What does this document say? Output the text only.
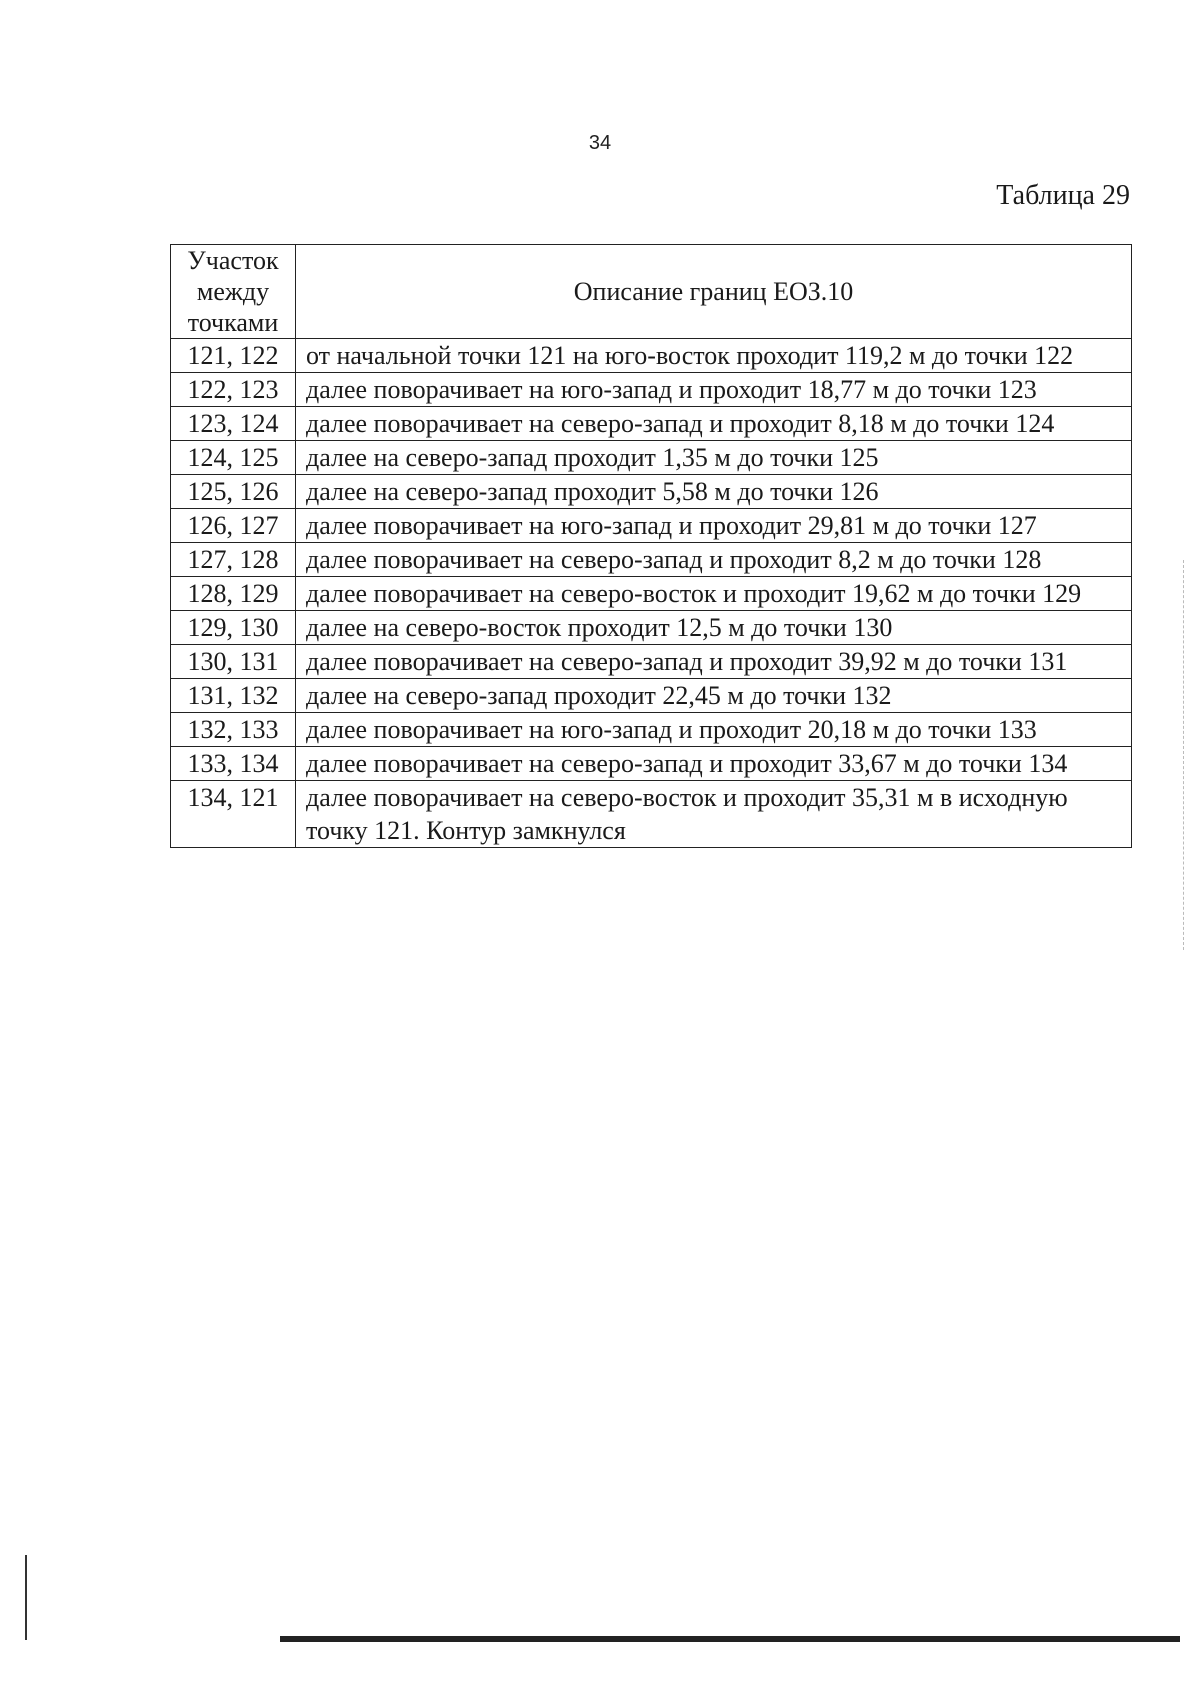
34
Таблица 29
Участок между точками	Описание границ ЕОЗ.10
121, 122	от начальной точки 121 на юго-восток проходит 119,2 м до точки 122
122, 123	далее поворачивает на юго-запад и проходит 18,77 м до точки 123
123, 124	далее поворачивает на северо-запад и проходит 8,18 м до точки 124
124, 125	далее на северо-запад проходит 1,35 м до точки 125
125, 126	далее на северо-запад проходит 5,58 м до точки 126
126, 127	далее поворачивает на юго-запад и проходит 29,81 м до точки 127
127, 128	далее поворачивает на северо-запад и проходит 8,2 м до точки 128
128, 129	далее поворачивает на северо-восток и проходит 19,62 м до точки 129
129, 130	далее на северо-восток проходит 12,5 м до точки 130
130, 131	далее поворачивает на северо-запад и проходит 39,92 м до точки 131
131, 132	далее на северо-запад проходит 22,45 м до точки 132
132, 133	далее поворачивает на юго-запад и проходит 20,18 м до точки 133
133, 134	далее поворачивает на северо-запад и проходит 33,67 м до точки 134
134, 121	далее поворачивает на северо-восток и проходит 35,31 м в исходную точку 121. Контур замкнулся
